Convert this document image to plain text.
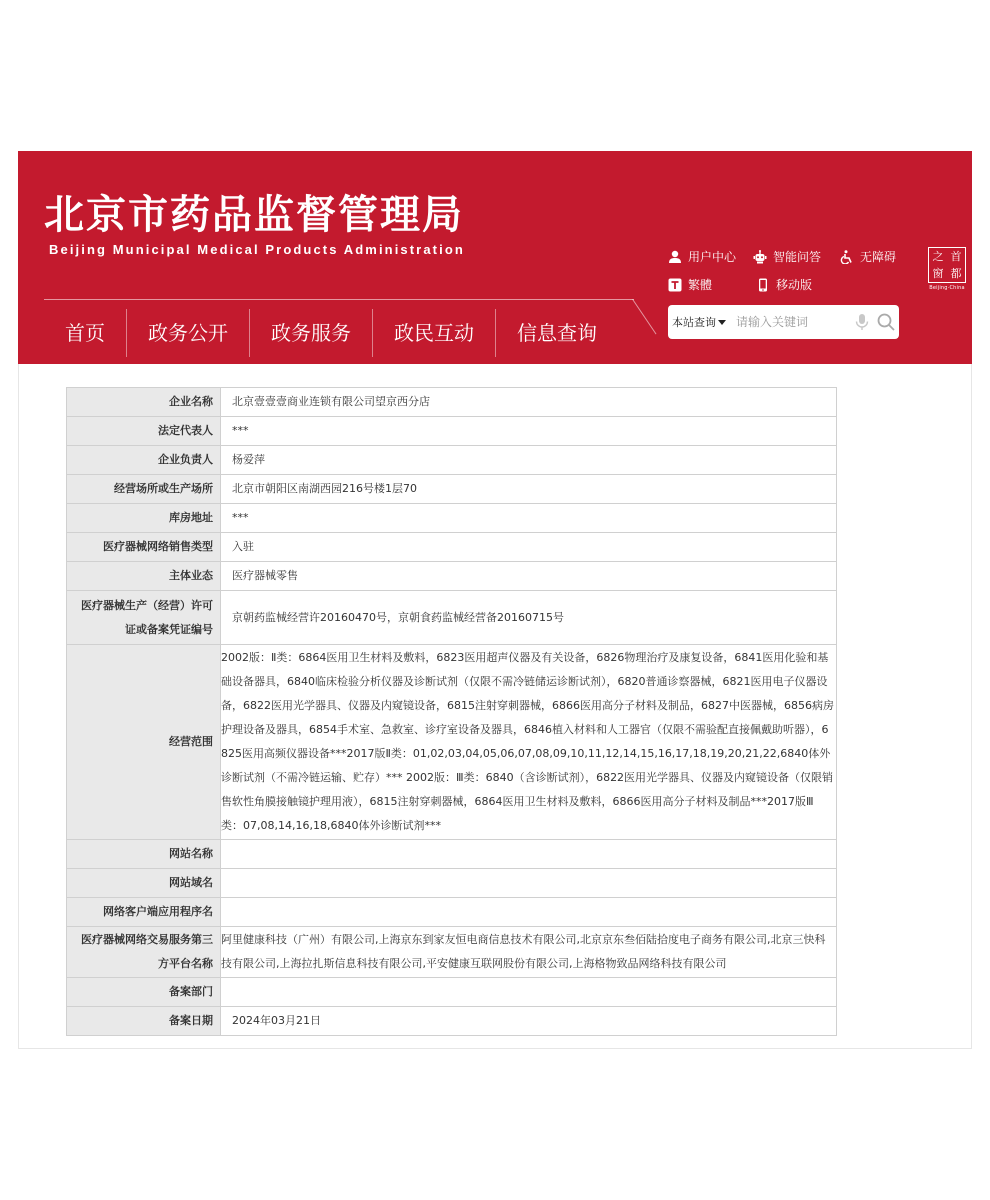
北京市药品监督管理局
Beijing Municipal Medical Products Administration	用户中心	智能问答	无障碍
繁體	移动版
之 首
窗 都
Beijing·China
首页	政务公开	政务服务	政民互动	信息查询	本站查询
请输入关键词
企业名称	北京壹壹壹商业连锁有限公司望京西分店
法定代表人	***
企业负责人	杨爱萍
经营场所或生产场所	北京市朝阳区南湖西园216号楼1层70
库房地址	***
医疗器械网络销售类型	入驻
主体业态	医疗器械零售
医疗器械生产（经营）许可证或备案凭证编号	京朝药监械经营许20160470号，京朝食药监械经营备20160715号
经营范围	2002版：Ⅱ类：6864医用卫生材料及敷料，6823医用超声仪器及有关设备，6826物理治疗及康复设备，6841医用化验和基础设备器具，6840临床检验分析仪器及诊断试剂（仅限不需冷链储运诊断试剂），6820普通诊察器械，6821医用电子仪器设备，6822医用光学器具、仪器及内窥镜设备，6815注射穿刺器械，6866医用高分子材料及制品，6827中医器械，6856病房护理设备及器具，6854手术室、急救室、诊疗室设备及器具，6846植入材料和人工器官（仅限不需验配直接佩戴助听器），6825医用高频仪器设备***2017版Ⅱ类：01,02,03,04,05,06,07,08,09,10,11,12,14,15,16,17,18,19,20,21,22,6840体外诊断试剂（不需冷链运输、贮存）*** 2002版：Ⅲ类：6840（含诊断试剂），6822医用光学器具、仪器及内窥镜设备（仅限销售软性角膜接触镜护理用液），6815注射穿刺器械，6864医用卫生材料及敷料，6866医用高分子材料及制品***2017版Ⅲ类：07,08,14,16,18,6840体外诊断试剂***
网站名称	
网站域名	
网络客户端应用程序名	
医疗器械网络交易服务第三方平台名称	阿里健康科技（广州）有限公司,上海京东到家友恒电商信息技术有限公司,北京京东叁佰陆拾度电子商务有限公司,北京三快科技有限公司,上海拉扎斯信息科技有限公司,平安健康互联网股份有限公司,上海格物致品网络科技有限公司
备案部门	
备案日期	2024年03月21日
